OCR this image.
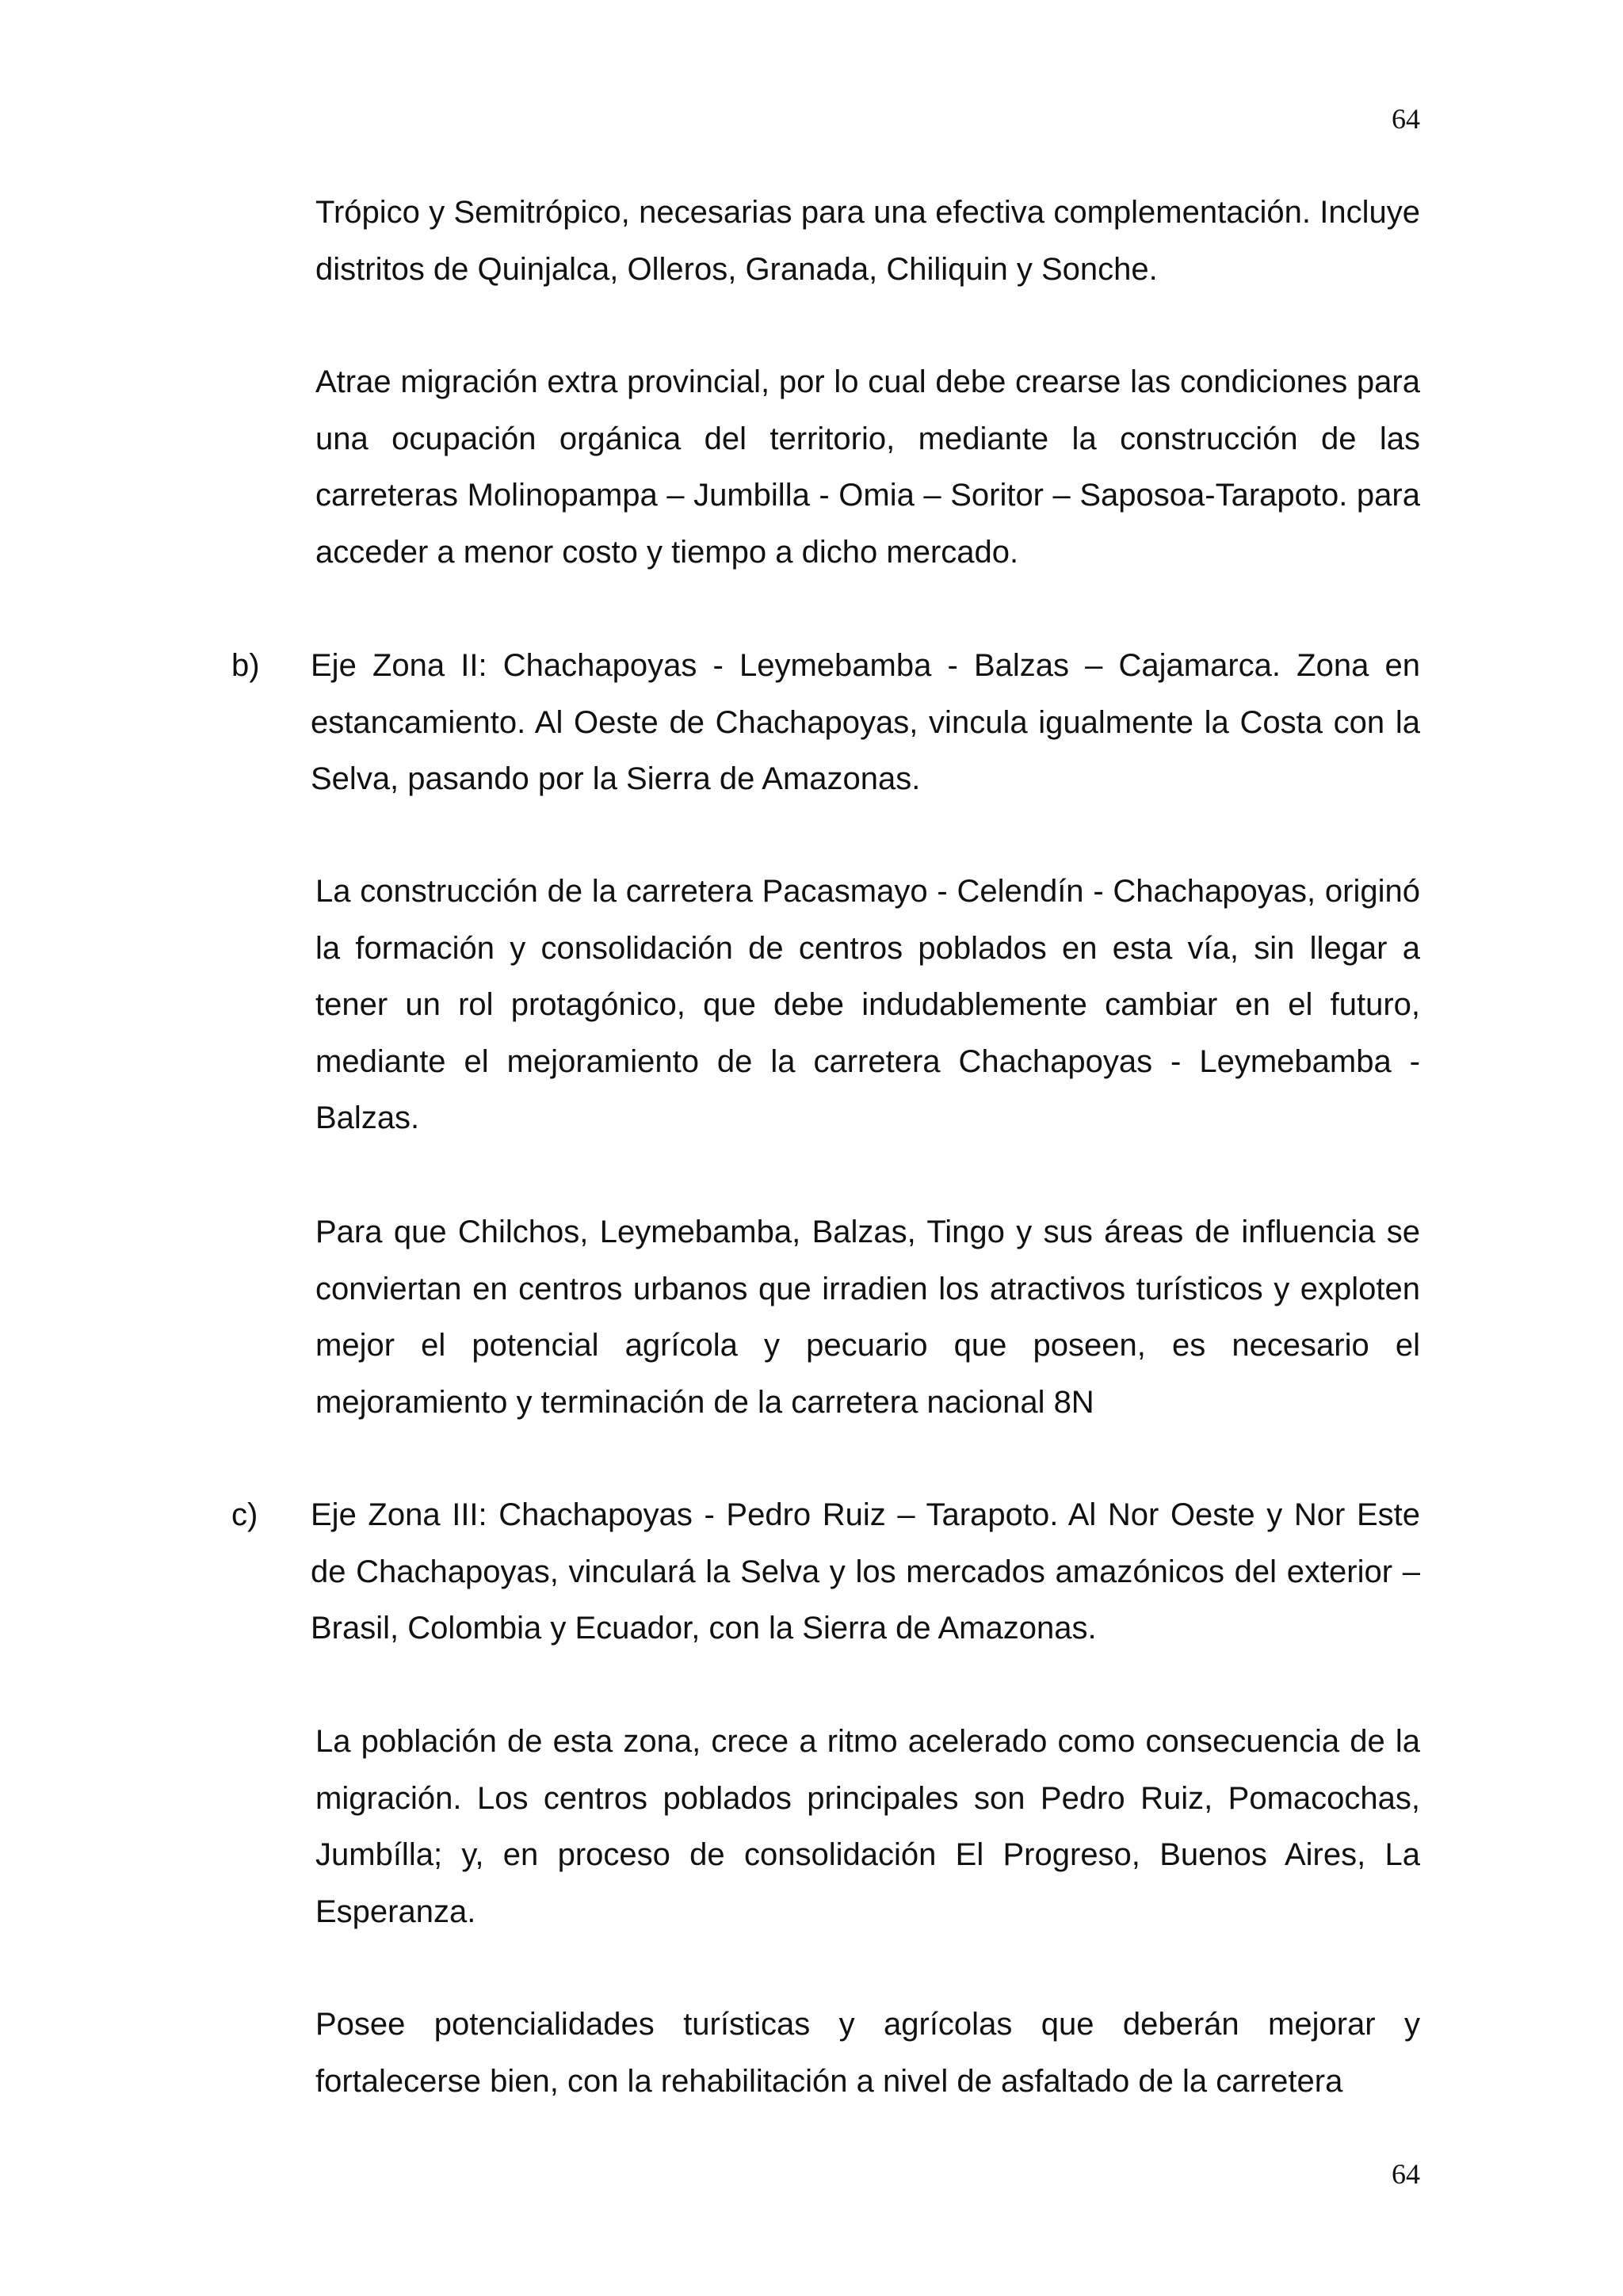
64
Trópico y Semitrópico, necesarias para una efectiva complementación. Incluye distritos de Quinjalca, Olleros, Granada, Chiliquin y Sonche.
Atrae migración extra provincial, por lo cual debe crearse las condiciones para una ocupación orgánica del territorio, mediante la construcción de las carreteras Molinopampa – Jumbilla - Omia – Soritor – Saposoa-Tarapoto. para acceder a menor costo y tiempo a dicho mercado.
b) Eje Zona II: Chachapoyas - Leymebamba - Balzas – Cajamarca. Zona en estancamiento. Al Oeste de Chachapoyas, vincula igualmente la Costa con la Selva, pasando por la Sierra de Amazonas.
La construcción de la carretera Pacasmayo - Celendín - Chachapoyas, originó la formación y consolidación de centros poblados en esta vía, sin llegar a tener un rol protagónico, que debe indudablemente cambiar en el futuro, mediante el mejoramiento de la carretera Chachapoyas - Leymebamba - Balzas.
Para que Chilchos, Leymebamba, Balzas, Tingo y sus áreas de influencia se conviertan en centros urbanos que irradien los atractivos turísticos y exploten mejor el potencial agrícola y pecuario que poseen, es necesario el mejoramiento y terminación de la carretera nacional 8N
c) Eje Zona III: Chachapoyas - Pedro Ruiz – Tarapoto. Al Nor Oeste y Nor Este de Chachapoyas, vinculará la Selva y los mercados amazónicos del exterior – Brasil, Colombia y Ecuador, con la Sierra de Amazonas.
La población de esta zona, crece a ritmo acelerado como consecuencia de la migración. Los centros poblados principales son Pedro Ruiz, Pomacochas, Jumbílla; y, en proceso de consolidación El Progreso, Buenos Aires, La Esperanza.
Posee potencialidades turísticas y agrícolas que deberán mejorar y fortalecerse bien, con la rehabilitación a nivel de asfaltado de la carretera
64
